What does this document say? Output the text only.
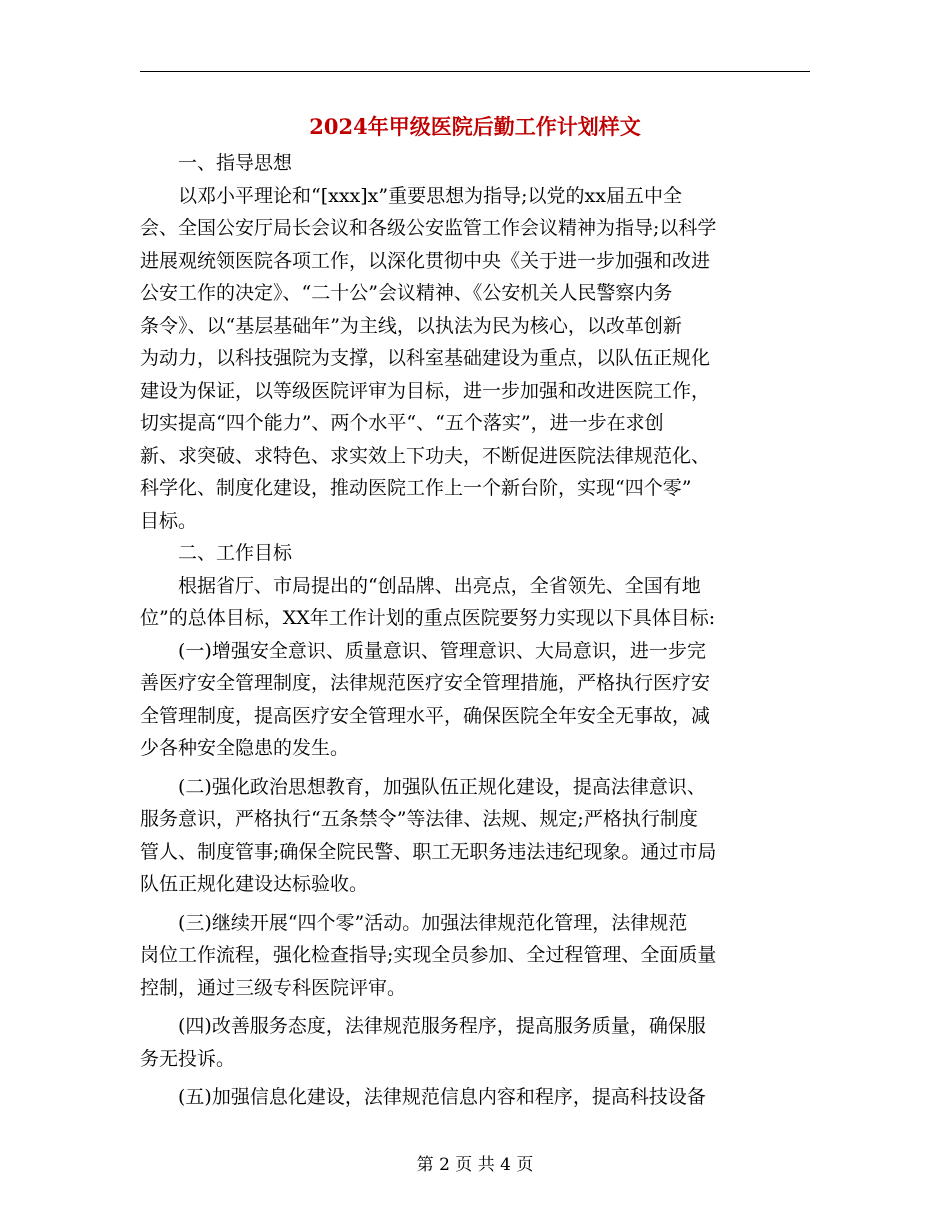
2024年甲级医院后勤工作计划样文

一、指导思想

以邓小平理论和“[xxx]x”重要思想为指导;以党的xx届五中全
会、全国公安厅局长会议和各级公安监管工作会议精神为指导;以科学
进展观统领医院各项工作，以深化贯彻中央《关于进一步加强和改进
公安工作的决定》、“二十公”会议精神、《公安机关人民警察内务
条令》、以“基层基础年”为主线，以执法为民为核心，以改革创新
为动力，以科技强院为支撑，以科室基础建设为重点，以队伍正规化
建设为保证，以等级医院评审为目标，进一步加强和改进医院工作，
切实提高“四个能力”、两个水平“、“五个落实”，进一步在求创
新、求突破、求特色、求实效上下功夫，不断促进医院法律规范化、
科学化、制度化建设，推动医院工作上一个新台阶，实现“四个零”
目标。

二、工作目标

根据省厅、市局提出的“创品牌、出亮点，全省领先、全国有地
位”的总体目标，XX年工作计划的重点医院要努力实现以下具体目标:

(一)增强安全意识、质量意识、管理意识、大局意识，进一步完
善医疗安全管理制度，法律规范医疗安全管理措施，严格执行医疗安
全管理制度，提高医疗安全管理水平，确保医院全年安全无事故，减
少各种安全隐患的发生。

(二)强化政治思想教育，加强队伍正规化建设，提高法律意识、
服务意识，严格执行“五条禁令”等法律、法规、规定;严格执行制度
管人、制度管事;确保全院民警、职工无职务违法违纪现象。通过市局
队伍正规化建设达标验收。

(三)继续开展“四个零”活动。加强法律规范化管理，法律规范
岗位工作流程，强化检查指导;实现全员参加、全过程管理、全面质量
控制，通过三级专科医院评审。

(四)改善服务态度，法律规范服务程序，提高服务质量，确保服
务无投诉。

(五)加强信息化建设，法律规范信息内容和程序，提高科技设备

第 2 页 共 4 页
